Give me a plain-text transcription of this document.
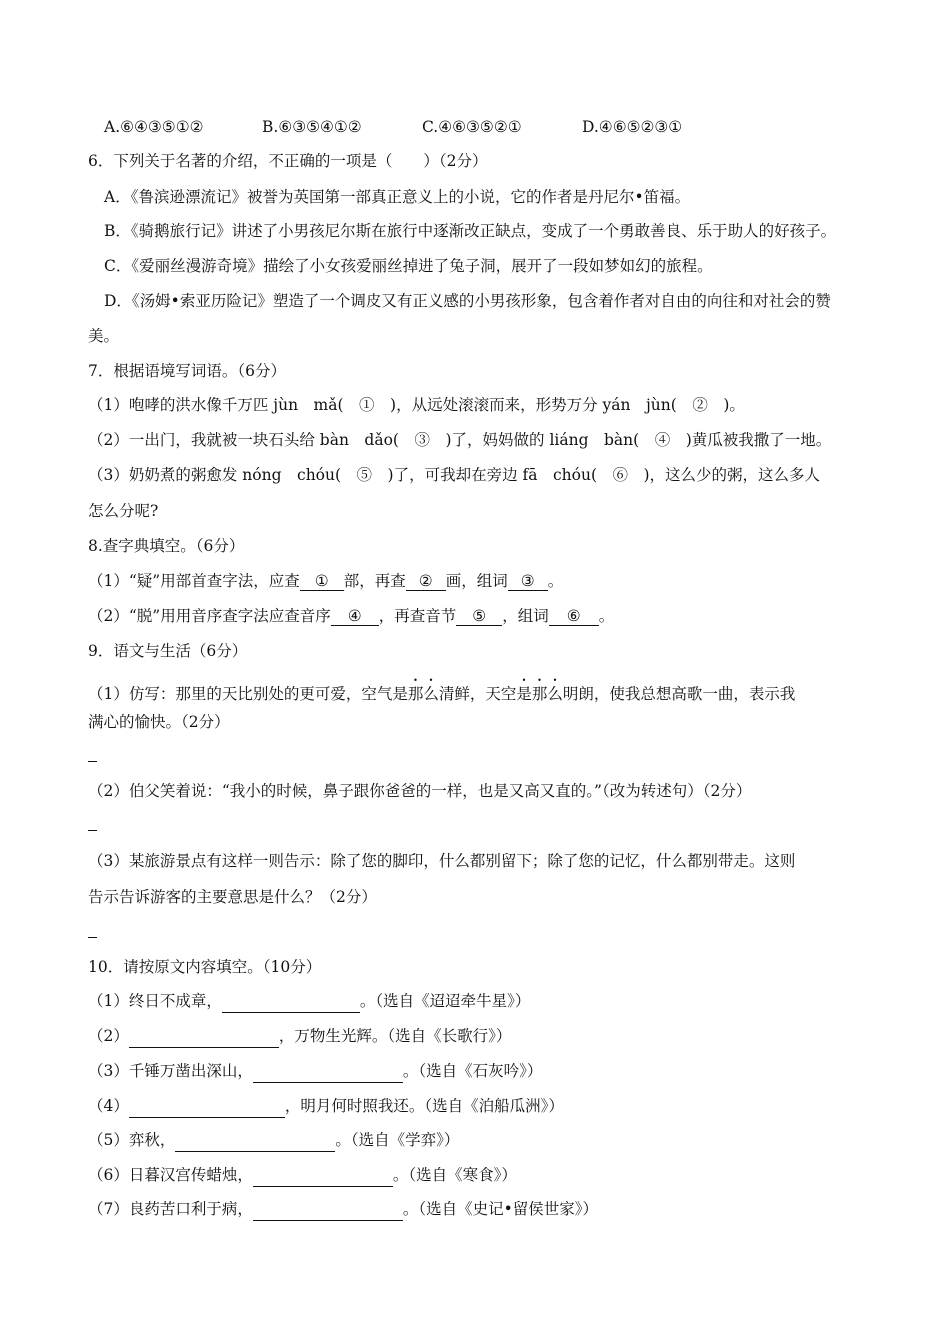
A.⑥④③⑤①②	B.⑥③⑤④①②	C.④⑥③⑤②①	D.④⑥⑤②③①
6．下列关于名著的介绍，不正确的一项是（　　）（2分）
A．《鲁滨逊漂流记》被誉为英国第一部真正意义上的小说，它的作者是丹尼尔•笛福。
B．《骑鹅旅行记》讲述了小男孩尼尔斯在旅行中逐渐改正缺点，变成了一个勇敢善良、乐于助人的好孩子。
C．《爱丽丝漫游奇境》描绘了小女孩爱丽丝掉进了兔子洞，展开了一段如梦如幻的旅程。
D．《汤姆•索亚历险记》塑造了一个调皮又有正义感的小男孩形象，包含着作者对自由的向往和对社会的赞
美。
7．根据语境写词语。（6分）
（1）咆哮的洪水像千万匹 jùn　mǎ(　①　)，从远处滚滚而来，形势万分 yán　jùn(　②　)。
（2）一出门，我就被一块石头给 bàn　dǎo(　③　)了，妈妈做的 liáng　bàn(　④　)黄瓜被我撒了一地。
（3）奶奶煮的粥愈发 nóng　chóu(　⑤　)了，可我却在旁边 fā　chóu(　⑥　)，这么少的粥，这么多人
怎么分呢?
8.查字典填空。（6分）
（1）“疑”用部首查字法，应查 ① 部，再查 ② 画，组词 ③ 。
（2）“脱”用用音序查字法应查音序 ④ ，再查音节 ⑤ ，组词 ⑥ 。
9．语文与生活（6分）
（1）仿写：那里的天比别处的更可爱，空气是那么清鲜，天空是那么明朗，使我总想高歌一曲，表示我
满心的愉快。（2分）
（2）伯父笑着说：“我小的时候，鼻子跟你爸爸的一样，也是又高又直的。”（改为转述句）（2分）
（3）某旅游景点有这样一则告示：除了您的脚印，什么都别留下；除了您的记忆，什么都别带走。这则
告示告诉游客的主要意思是什么？（2分）
10．请按原文内容填空。（10分）
（1）终日不成章，	。（选自《迢迢牵牛星》）
（2）	，万物生光辉。（选自《长歌行》）
（3）千锤万凿出深山，	。（选自《石灰吟》）
（4）	，明月何时照我还。（选自《泊船瓜洲》）
（5）弈秋，	。（选自《学弈》）
（6）日暮汉宫传蜡烛，	。（选自《寒食》）
（7）良药苦口利于病，	。（选自《史记•留侯世家》）
